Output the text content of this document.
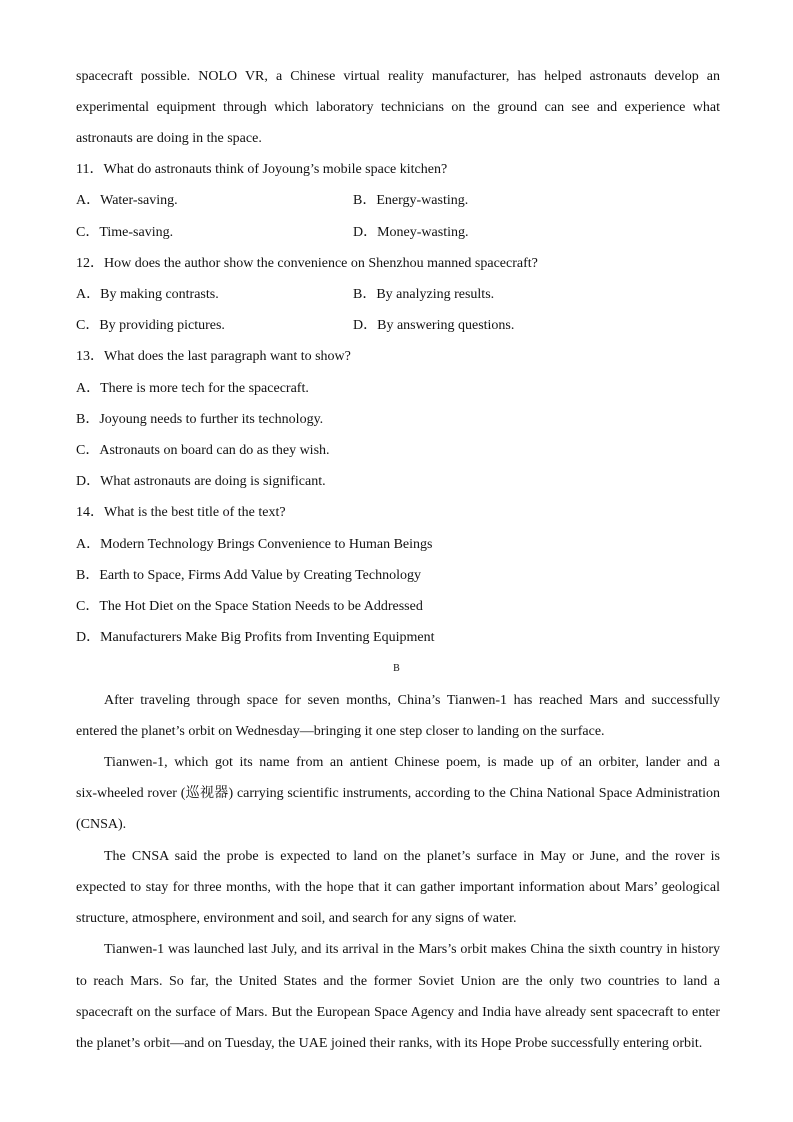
spacecraft possible. NOLO VR, a Chinese virtual reality manufacturer, has helped astronauts develop an
experimental equipment through which laboratory technicians on the ground can see and experience what
astronauts are doing in the space.
11．What do astronauts think of Joyoung’s mobile space kitchen?
A．Water-saving.	B．Energy-wasting.
C．Time-saving.	D．Money-wasting.
12．How does the author show the convenience on Shenzhou manned spacecraft?
A．By making contrasts.	B．By analyzing results.
C．By providing pictures.	D．By answering questions.
13．What does the last paragraph want to show?
A．There is more tech for the spacecraft.
B．Joyoung needs to further its technology.
C．Astronauts on board can do as they wish.
D．What astronauts are doing is significant.
14．What is the best title of the text?
A．Modern Technology Brings Convenience to Human Beings
B．Earth to Space, Firms Add Value by Creating Technology
C．The Hot Diet on the Space Station Needs to be Addressed
D．Manufacturers Make Big Profits from Inventing Equipment
B
After traveling through space for seven months, China’s Tianwen-1 has reached Mars and successfully
entered the planet’s orbit on Wednesday—bringing it one step closer to landing on the surface.
Tianwen-1, which got its name from an antient Chinese poem, is made up of an orbiter, lander and a
six-wheeled rover (巡视器) carrying scientific instruments, according to the China National Space Administration
(CNSA).
The CNSA said the probe is expected to land on the planet’s surface in May or June, and the rover is
expected to stay for three months, with the hope that it can gather important information about Mars’ geological
structure, atmosphere, environment and soil, and search for any signs of water.
Tianwen-1 was launched last July, and its arrival in the Mars’s orbit makes China the sixth country in history
to reach Mars. So far, the United States and the former Soviet Union are the only two countries to land a
spacecraft on the surface of Mars. But the European Space Agency and India have already sent spacecraft to enter
the planet’s orbit—and on Tuesday, the UAE joined their ranks, with its Hope Probe successfully entering orbit.
